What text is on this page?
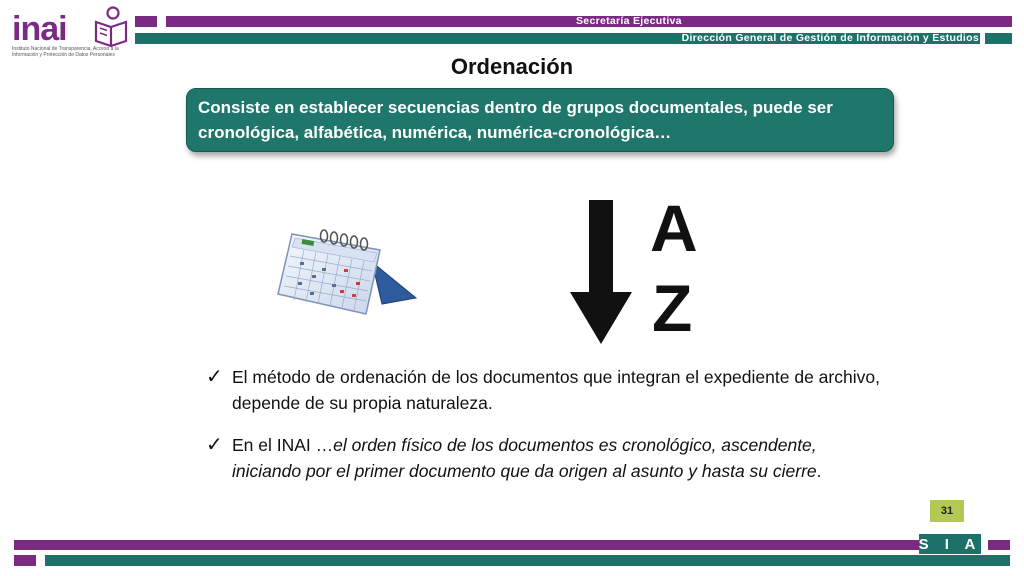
inai
Instituto Nacional de Transparencia, Acceso a la Información y Protección de Datos Personales
Secretaría Ejecutiva
Dirección General de Gestión de Información y Estudios
Ordenación
Consiste en establecer secuencias dentro de grupos documentales, puede ser cronológica, alfabética, numérica, numérica-cronológica…
A
Z
✓ El método de ordenación de los documentos que integran el expediente de archivo, depende de su propia naturaleza.
✓ En el INAI …el orden físico de los documentos es cronológico, ascendente, iniciando por el primer documento que da origen al asunto y hasta su cierre.
31
S I A
